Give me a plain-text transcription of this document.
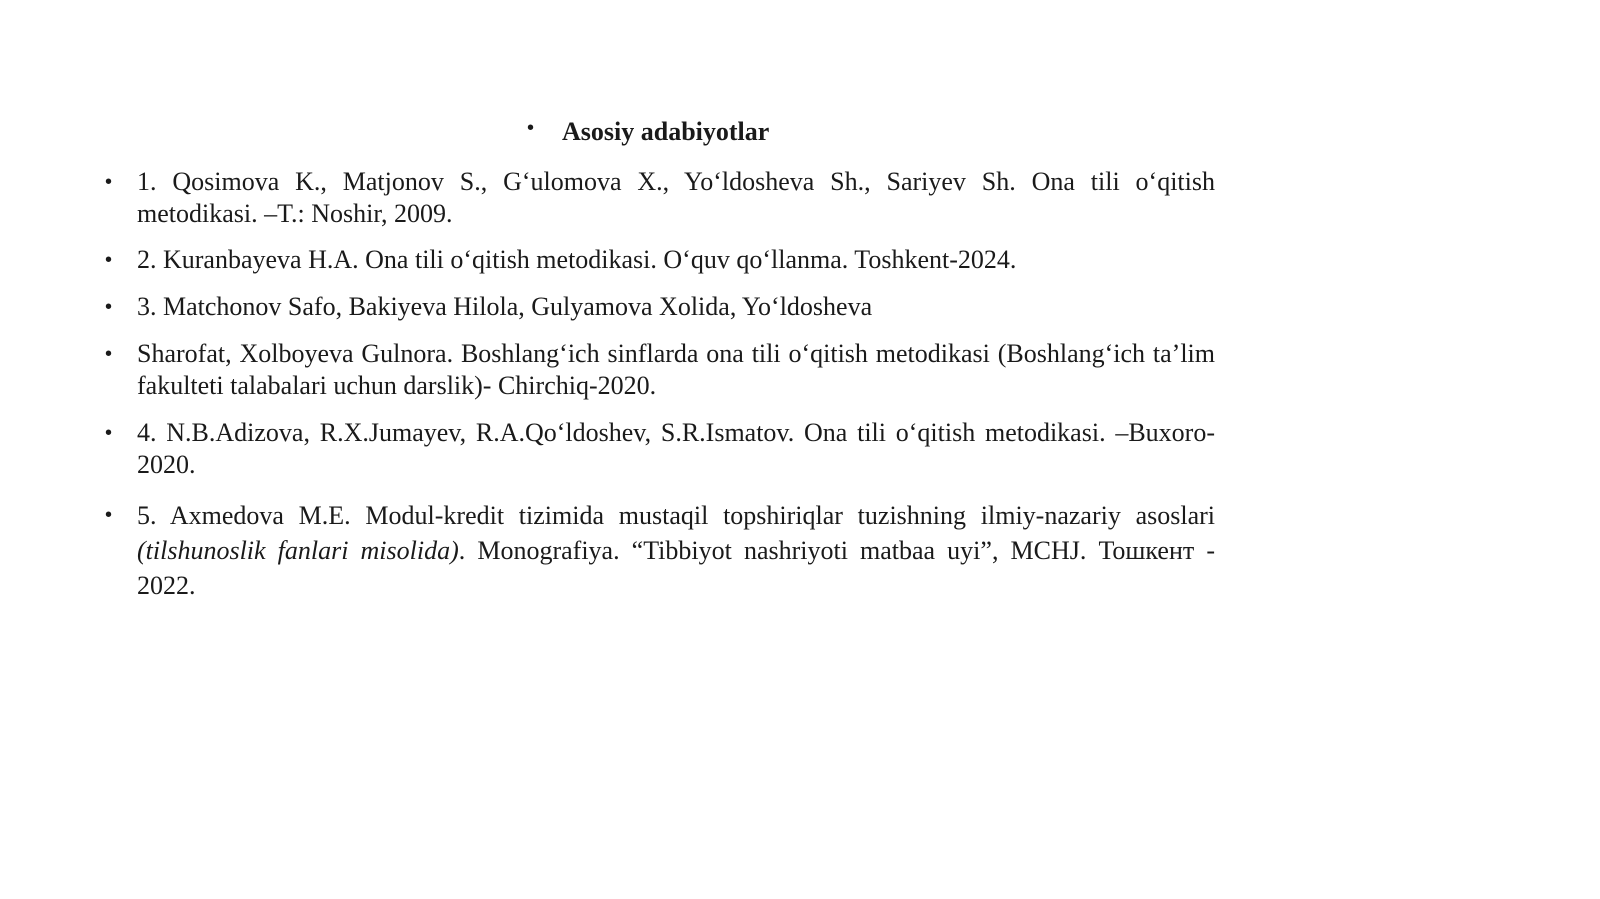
• Asosiy adabiyotlar
• 1. Qosimova K., Matjonov S., G‘ulomova X., Yo‘ldosheva Sh., Sariyev Sh. Ona tili o‘qitish metodikasi. –T.: Noshir, 2009.
• 2. Kuranbayeva H.A. Ona tili o‘qitish metodikasi. O‘quv qo‘llanma. Toshkent-2024.
• 3. Matchonov Safo, Bakiyeva Hilola, Gulyamova Xolida, Yo‘ldosheva
• Sharofat, Xolboyeva Gulnora. Boshlang‘ich sinflarda ona tili o‘qitish metodikasi (Boshlang‘ich ta’lim fakulteti talabalari uchun darslik)- Chirchiq-2020.
• 4. N.B.Adizova, R.X.Jumayev, R.A.Qo‘ldoshev, S.R.Ismatov. Ona tili o‘qitish metodikasi. –Buxoro- 2020.
• 5. Axmedova M.E. Modul-kredit tizimida mustaqil topshiriqlar tuzishning ilmiy-nazariy asoslari (tilshunoslik fanlari misolida). Monografiya. “Tibbiyot nashriyoti matbaa uyi”, MCHJ. Тошкент - 2022.
